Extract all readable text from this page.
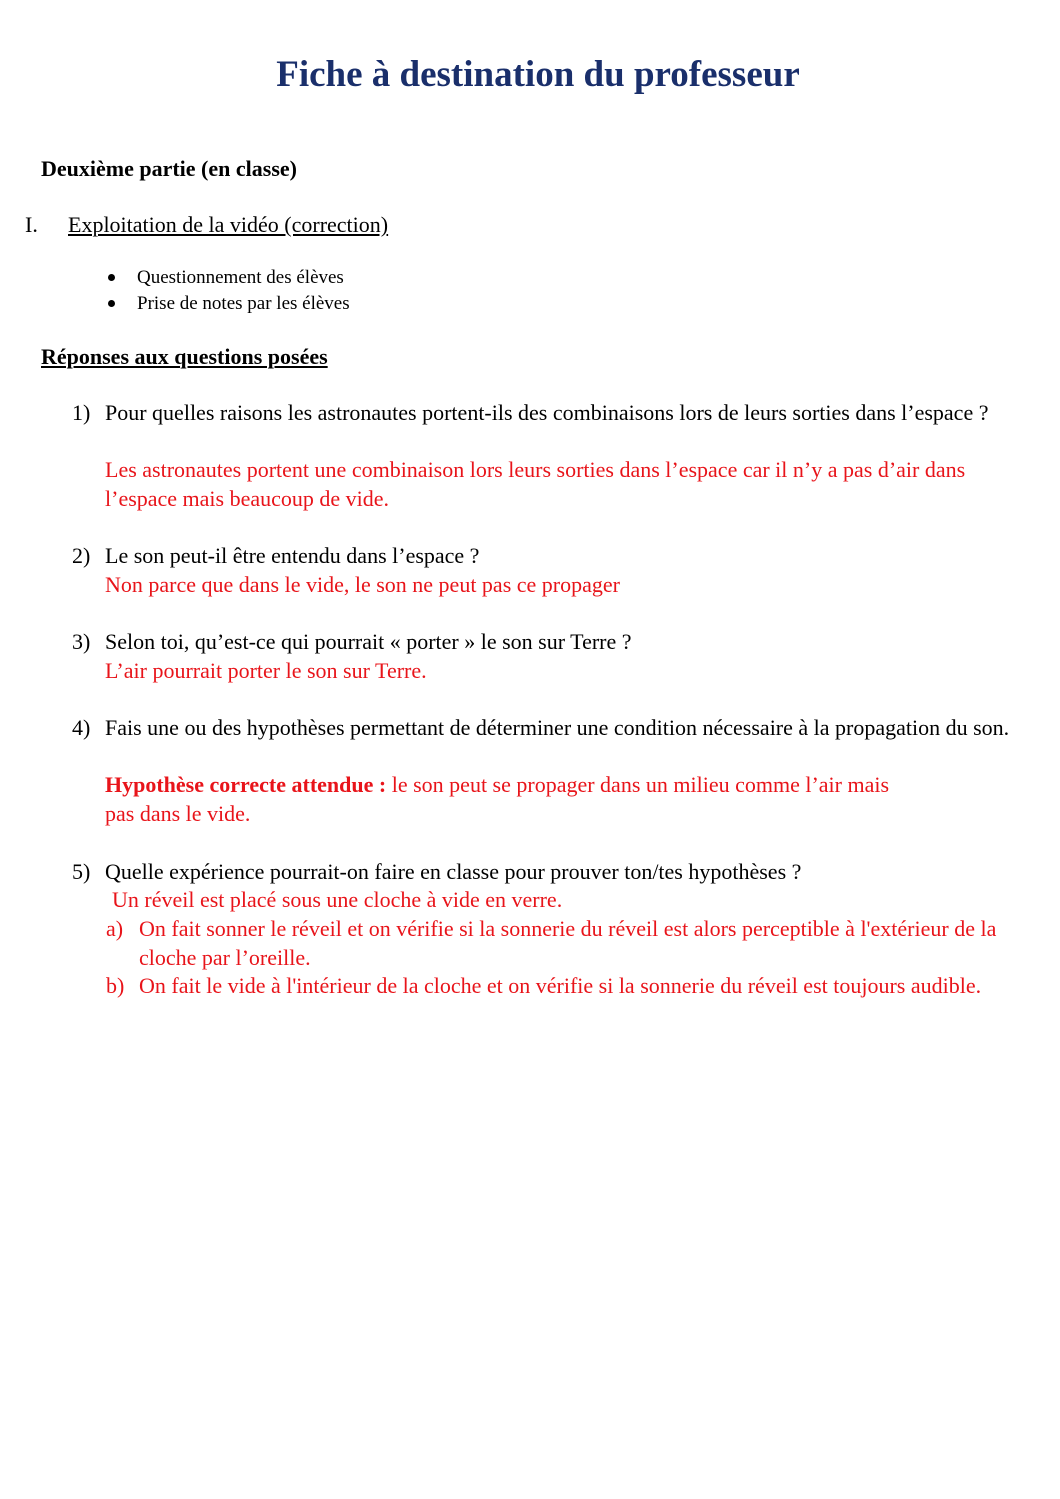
Fiche à destination du professeur
Deuxième partie (en classe)
I. Exploitation de la vidéo (correction)
Questionnement des élèves
Prise de notes par les élèves
Réponses aux questions posées
1) Pour quelles raisons les astronautes portent-ils des combinaisons lors de leurs sorties dans l’espace ?

Les astronautes portent une combinaison lors leurs sorties dans l’espace car il n’y a pas d’air dans l’espace mais beaucoup de vide.

2) Le son peut-il être entendu dans l’espace ?

Non parce que dans le vide, le son ne peut pas ce propager

3) Selon toi, qu’est-ce qui pourrait « porter » le son sur Terre ?

L’air pourrait porter le son sur Terre.

4) Fais une ou des hypothèses permettant de déterminer une condition nécessaire à la propagation du son.

Hypothèse correcte attendue : le son peut se propager dans un milieu comme l’air mais pas dans le vide.

5) Quelle expérience pourrait-on faire en classe pour prouver ton/tes hypothèses ?

Un réveil est placé sous une cloche à vide en verre.

a) On fait sonner le réveil et on vérifie si la sonnerie du réveil est alors perceptible à l'extérieur de la cloche par l’oreille.

b) On fait le vide à l'intérieur de la cloche et on vérifie si la sonnerie du réveil est toujours audible.
